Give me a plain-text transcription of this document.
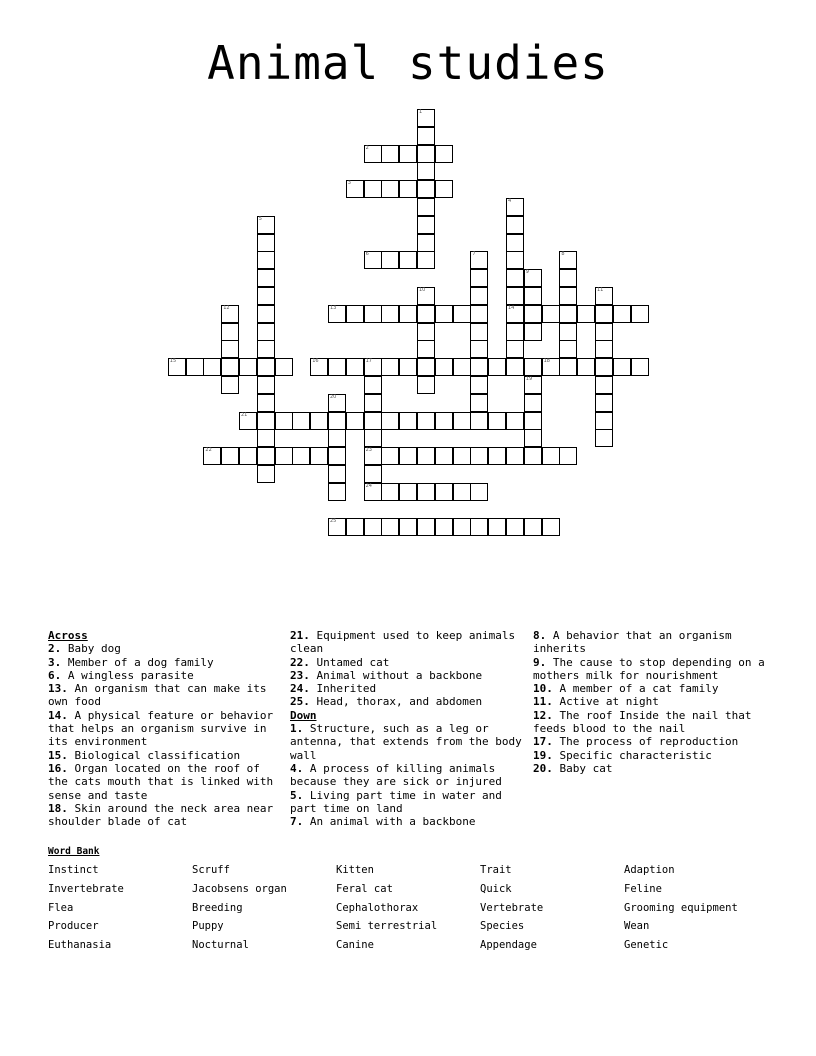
Animal studies
1
2
3
4
14
5
6	7	8
9
10	11
12	13
15	16	17	18
23
24
19
20
21
22
25
Across
2. Baby dog
3. Member of a dog family
6. A wingless parasite
13. An organism that can make its own food
14. A physical feature or behavior that helps an organism survive in its environment
15. Biological classification
16. Organ located on the roof of the cats mouth that is linked with sense and taste
18. Skin around the neck area near shoulder blade of cat
21. Equipment used to keep animals clean
22. Untamed cat
23. Animal without a backbone
24. Inherited
25. Head, thorax, and abdomen
Down
1. Structure, such as a leg or antenna, that extends from the body wall
4. A process of killing animals because they are sick or injured
5. Living part time in water and part time on land
7. An animal with a backbone
8. A behavior that an organism inherits
9. The cause to stop depending on a mothers milk for nourishment
10. A member of a cat family
11. Active at night
12. The roof Inside the nail that feeds blood to the nail
17. The process of reproduction
19. Specific characteristic
20. Baby cat
Word Bank
Instinct	Scruff	Kitten	Trait	Adaption
Invertebrate	Jacobsens organ	Feral cat	Quick	Feline
Flea	Breeding	Cephalothorax	Vertebrate	Grooming equipment
Producer	Puppy	Semi terrestrial	Species	Wean
Euthanasia	Nocturnal	Canine	Appendage	Genetic
